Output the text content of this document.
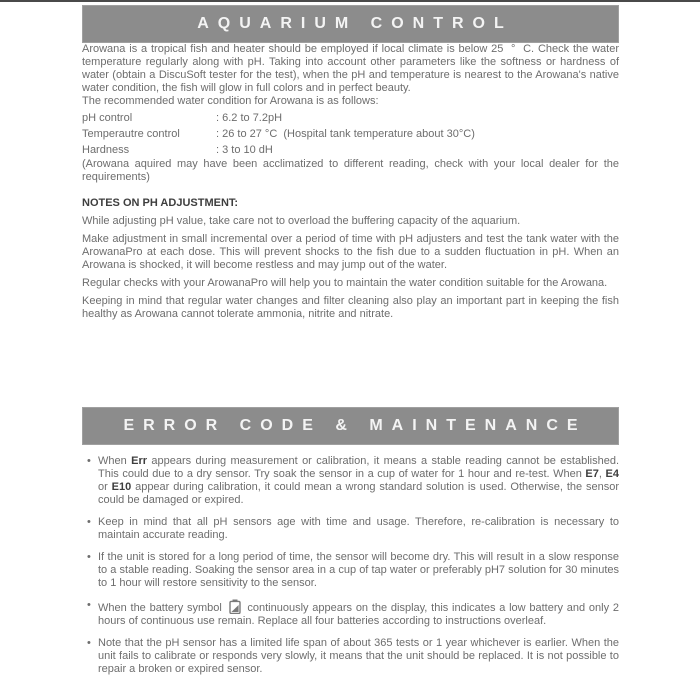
AQUARIUM CONTROL

Arowana is a tropical fish and heater should be employed if local climate is below 25  °  C. Check the water temperature regularly along with pH. Taking into account other parameters like the softness or hardness of water (obtain a DiscuSoft tester for the test), when the pH and temperature is nearest to the Arowana's native water condition, the fish will glow in full colors and in perfect beauty.

The recommended water condition for Arowana is as follows:

pH control	: 6.2 to 7.2pH
Temperautre control	: 26 to 27 °C  (Hospital tank temperature about 30°C)
Hardness	: 3 to 10 dH

(Arowana aquired may have been acclimatized to different reading, check with your local dealer for the requirements)

NOTES ON PH ADJUSTMENT:

While adjusting pH value, take care not to overload the buffering capacity of the aquarium.

Make adjustment in small incremental over a period of time with pH adjusters and test the tank water with the ArowanaPro at each dose. This will prevent shocks to the fish due to a sudden fluctuation in pH. When an Arowana is shocked, it will become restless and may jump out of the water.

Regular checks with your ArowanaPro will help you to maintain the water condition suitable for the Arowana.

Keeping in mind that regular water changes and filter cleaning also play an important part in keeping the fish healthy as Arowana cannot tolerate ammonia, nitrite and nitrate.

ERROR CODE & MAINTENANCE
• When Err appears during measurement or calibration, it means a stable reading cannot be established. This could due to a dry sensor. Try soak the sensor in a cup of water for 1 hour and re-test. When E7, E4 or E10 appear during calibration, it could mean a wrong standard solution is used. Otherwise, the sensor could be damaged or expired.
• Keep in mind that all pH sensors age with time and usage. Therefore, re-calibration is necessary to maintain accurate reading.
• If the unit is stored for a long period of time, the sensor will become dry. This will result in a slow response to a stable reading. Soaking the sensor area in a cup of tap water or preferably pH7 solution for 30 minutes to 1 hour will restore sensitivity to the sensor.
• When the battery symbol  continuously appears on the display, this indicates a low battery and only 2 hours of continuous use remain. Replace all four batteries according to instructions overleaf.
• Note that the pH sensor has a limited life span of about 365 tests or 1 year whichever is earlier. When the unit fails to calibrate or responds very slowly, it means that the unit should be replaced. It is not possible to repair a broken or expired sensor.
